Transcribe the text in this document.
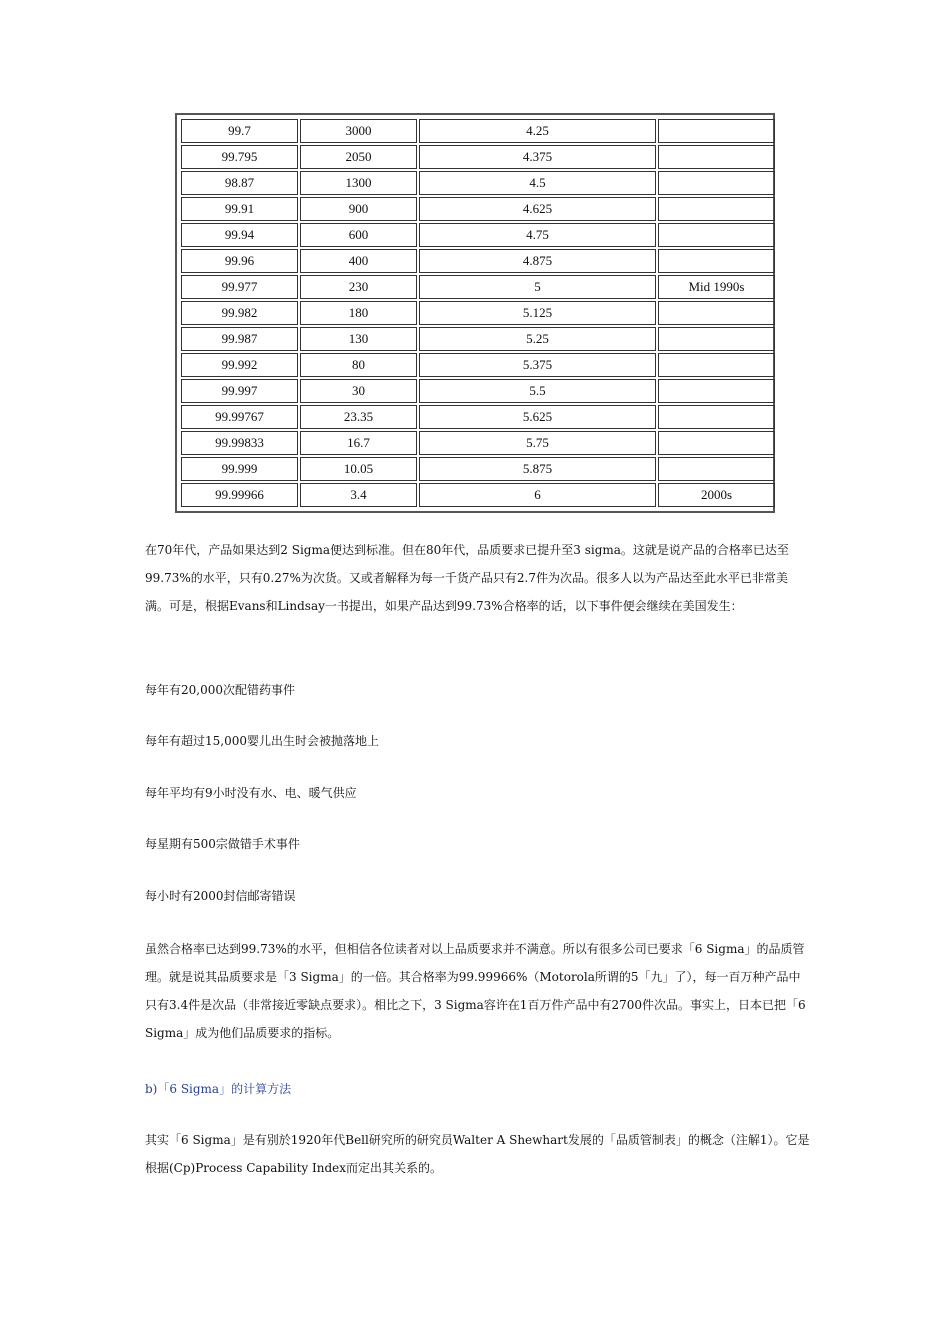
99.7	3000	4.25	
99.795	2050	4.375	
98.87	1300	4.5	
99.91	900	4.625	
99.94	600	4.75	
99.96	400	4.875	
99.977	230	5	Mid 1990s
99.982	180	5.125	
99.987	130	5.25	
99.992	80	5.375	
99.997	30	5.5	
99.99767	23.35	5.625	
99.99833	16.7	5.75	
99.999	10.05	5.875	
99.99966	3.4	6	2000s

在70年代，产品如果达到2 Sigma便达到标准。但在80年代，品质要求已提升至3 sigma。这就是说产品的合格率已达至99.73%的水平，只有0.27%为次货。又或者解释为每一千货产品只有2.7件为次品。很多人以为产品达至此水平已非常美满。可是，根据Evans和Lindsay一书提出，如果产品达到99.73%合格率的话，以下事件便会继续在美国发生：

每年有20,000次配错药事件

每年有超过15,000婴儿出生时会被抛落地上

每年平均有9小时没有水、电、暖气供应

每星期有500宗做错手术事件

每小时有2000封信邮寄错误

虽然合格率已达到99.73%的水平，但相信各位读者对以上品质要求并不满意。所以有很多公司已要求「6 Sigma」的品质管理。就是说其品质要求是「3 Sigma」的一倍。其合格率为99.99966%（Motorola所谓的5「九」了），每一百万种产品中只有3.4件是次品（非常接近零缺点要求）。相比之下，3 Sigma容许在1百万件产品中有2700件次品。事实上，日本已把「6 Sigma」成为他们品质要求的指标。

b)「6 Sigma」的计算方法

其实「6 Sigma」是有别於1920年代Bell研究所的研究员Walter A Shewhart发展的「品质管制表」的概念（注解1）。它是根据(Cp)Process Capability Index而定出其关系的。
